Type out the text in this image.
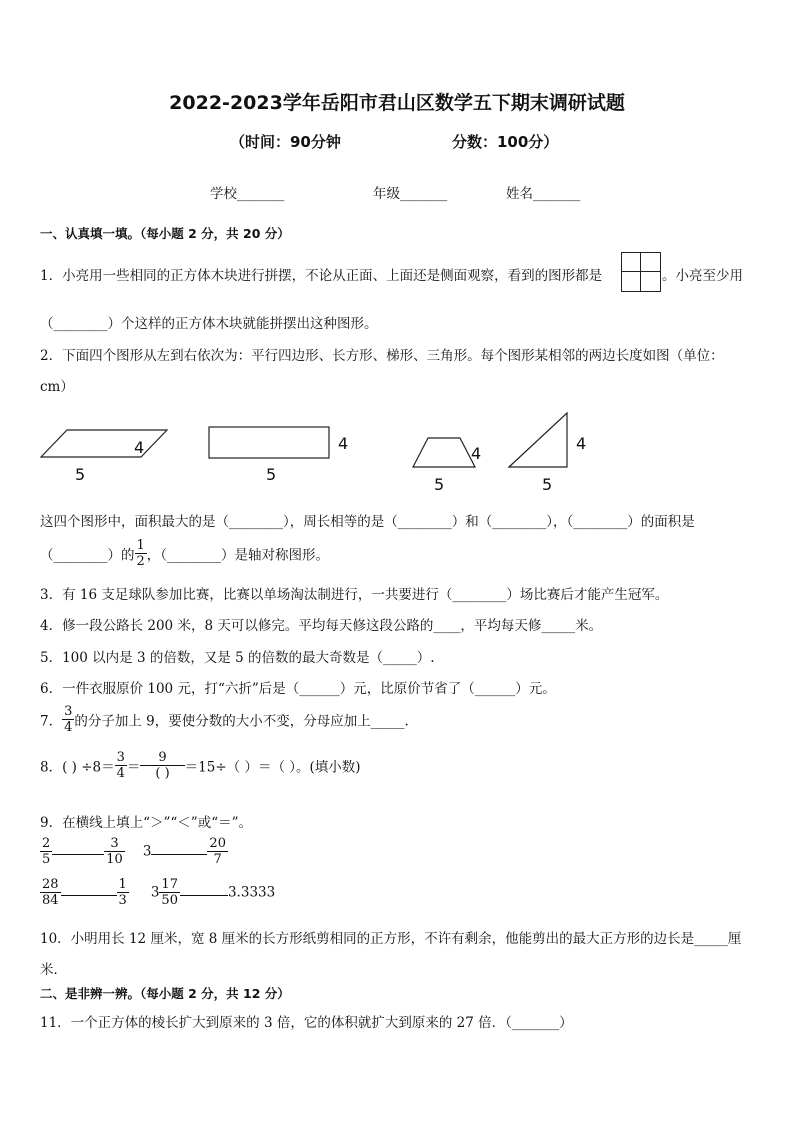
2022-2023学年岳阳市君山区数学五下期末调研试题
（时间：90分钟	分数：100分）
学校_______	年级_______	姓名_______
一、认真填一填。（每小题 2 分，共 20 分）
1．小亮用一些相同的正方体木块进行拼摆，不论从正面、上面还是侧面观察，看到的图形都是	。小亮至少用
（________）个这样的正方体木块就能拼摆出这种图形。
2．下面四个图形从左到右依次为：平行四边形、长方形、梯形、三角形。每个图形某相邻的两边长度如图（单位：
cm）
4
5
4
5
4
5
4
5
这四个图形中，面积最大的是（________），周长相等的是（________）和（________），（________）的面积是
（________）的 $\frac{1}{2}$ ，（________）是轴对称图形。
3．有 16 支足球队参加比赛，比赛以单场淘汰制进行，一共要进行（________）场比赛后才能产生冠军。
4．修一段公路长 200 米，8 天可以修完。平均每天修这段公路的____，平均每天修_____米。
5．100 以内是 3 的倍数，又是 5 的倍数的最大奇数是（_____）.
6．一件衣服原价 100 元，打“六折”后是（______）元，比原价节省了（______）元。
7． $\frac{3}{4}$ 的分子加上 9，要使分数的大小不变，分母应加上_____.
8．( ) $\div 8= \frac{3}{4} = \frac{9}{( )} =15\div$（ ）＝（ ）。(填小数)
9．在横线上填上“＞”“＜”或“＝”。
$\frac{2}{5}$	$\frac{3}{10} 3$	$\frac{20}{7}$
$\frac{28}{84}$	$\frac{1}{3} 3 \frac{17}{50}$	3.3333
10．小明用长 12 厘米，宽 8 厘米的长方形纸剪相同的正方形，不许有剩余，他能剪出的最大正方形的边长是_____厘
米．
二、是非辨一辨。（每小题 2 分，共 12 分）
11．一个正方体的棱长扩大到原来的 3 倍，它的体积就扩大到原来的 27 倍．（_______）
